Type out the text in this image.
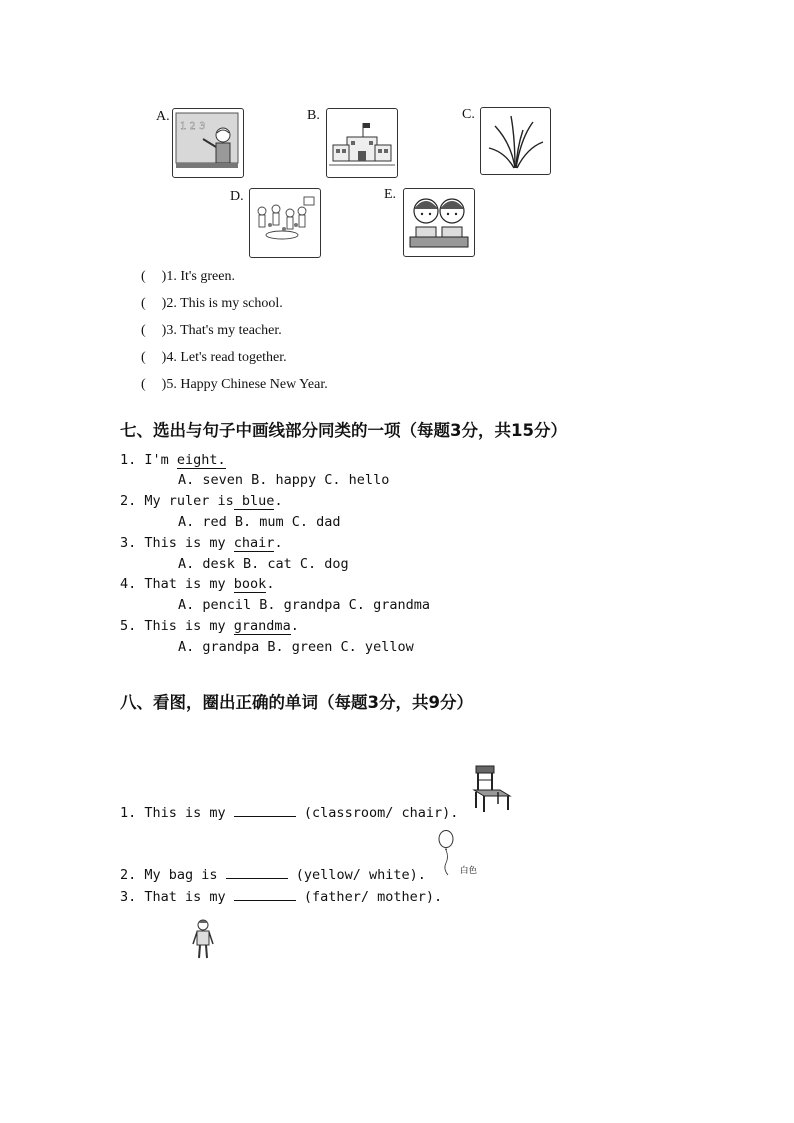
A.	B.	C.
D.	E.
1 2 3
( )1. It's green.
( )2. This is my school.
( )3. That's my teacher.
( )4. Let's read together.
( )5. Happy Chinese New Year.
七、选出与句子中画线部分同类的一项（每题3分，共15分）
1. I'm eight.
A. seven B. happy C. hello
2. My ruler is blue.
A. red B. mum C. dad
3. This is my chair.
A. desk B. cat C. dog
4. That is my book.
A. pencil B. grandpa C. grandma
5. This is my grandma.
A. grandpa B. green C. yellow
八、看图，圈出正确的单词（每题3分，共9分）
1. This is my	(classroom/ chair).
白色
2. My bag is	(yellow/ white).
3. That is my	(father/ mother).
